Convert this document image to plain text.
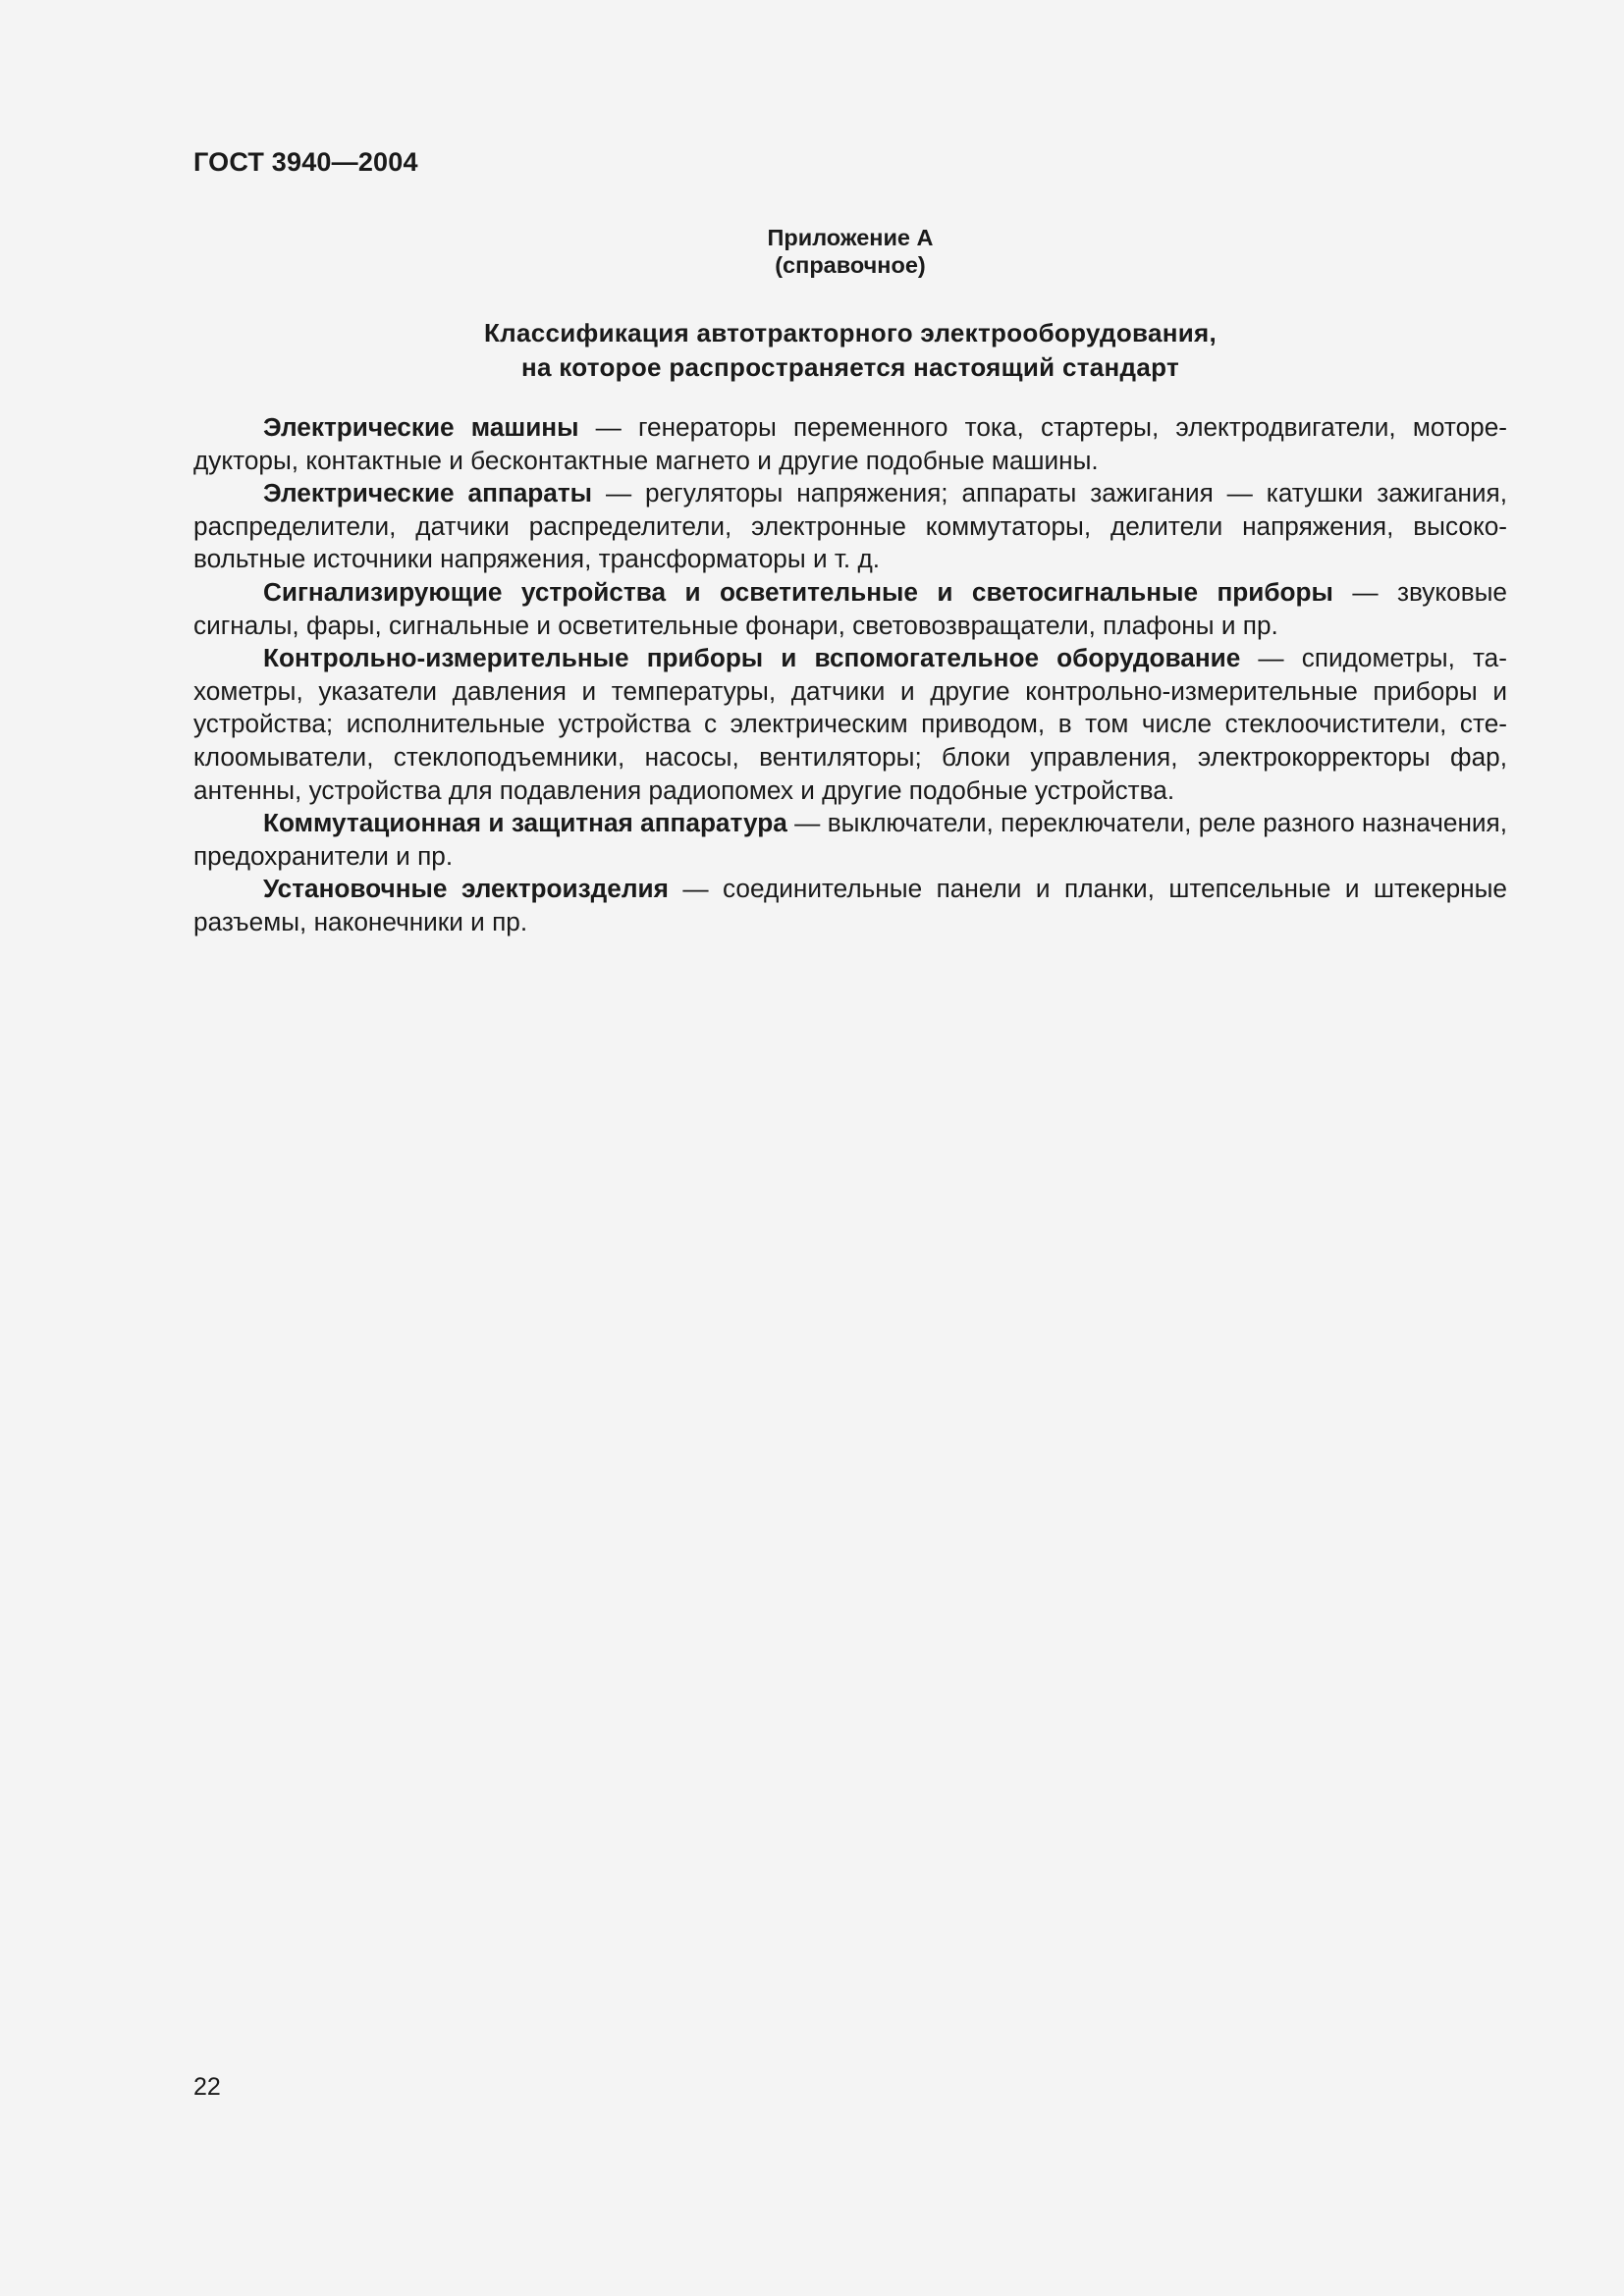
ГОСТ 3940—2004
Приложение А
(справочное)
Классификация автотракторного электрооборудования,
на которое распространяется настоящий стандарт

Электрические машины — генераторы переменного тока, стартеры, электродвигатели, мотоpeдукторы, контактные и бесконтактные магнето и другие подобные машины.

Электрические аппараты — регуляторы напряжения; аппараты зажигания — катушки зажигания, распределители, датчики распределители, электронные коммутаторы, делители напряжения, высоковольтные источники напряжения, трансформаторы и т. д.

Сигнализирующие устройства и осветительные и светосигнальные приборы — звуковые сигналы, фары, сигнальные и осветительные фонари, световозвращатели, плафоны и пр.

Контрольно-измерительные приборы и вспомогательное оборудование — спидометры, тахометры, указатели давления и температуры, датчики и другие контрольно-измерительные приборы и устройства; исполнительные устройства с электрическим приводом, в том числе стеклоочистители, стеклоомыватели, стеклоподъемники, насосы, вентиляторы; блоки управления, электрокорректоры фар, антенны, устройства для подавления радиопомех и другие подобные устройства.

Коммутационная и защитная аппаратура — выключатели, переключатели, реле разного назначения, предохранители и пр.

Установочные электроизделия — соединительные панели и планки, штепсельные и штекерные разъемы, наконечники и пр.

22
